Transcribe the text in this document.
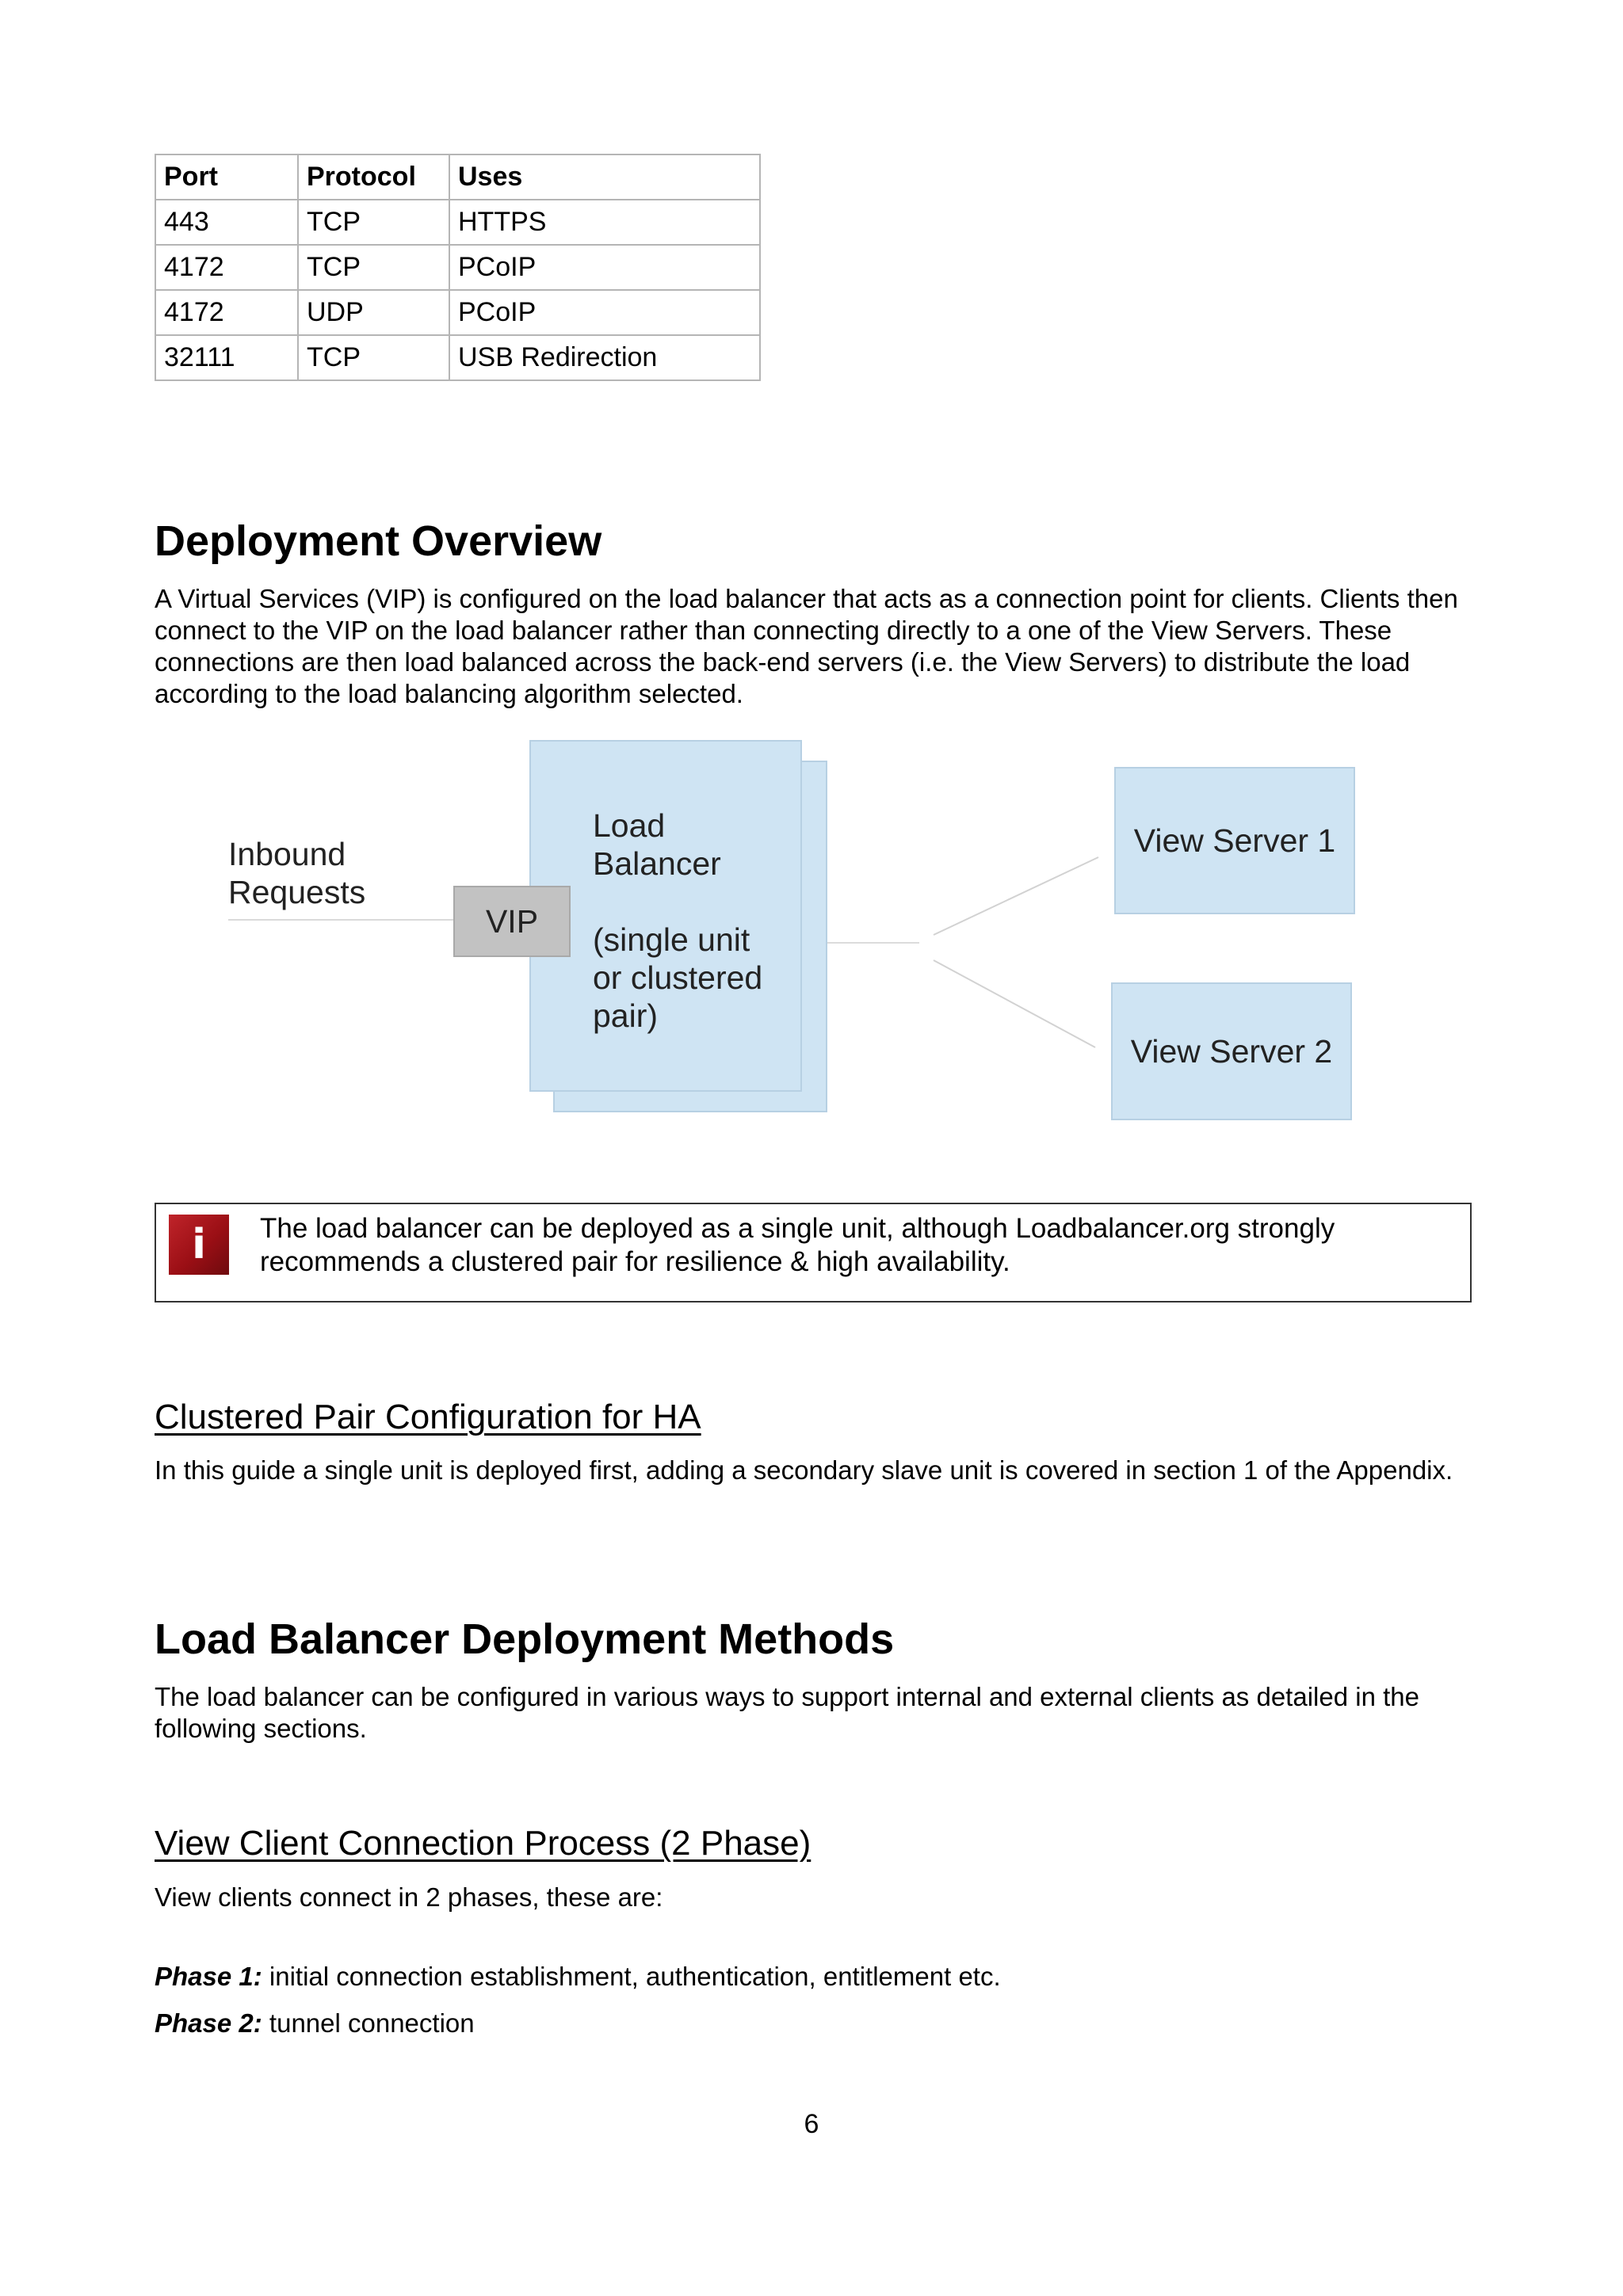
Port	Protocol	Uses
443	TCP	HTTPS
4172	TCP	PCoIP
4172	UDP	PCoIP
32111	TCP	USB Redirection
Deployment Overview

A Virtual Services (VIP) is configured on the load balancer that acts as a connection point for clients. Clients then connect to the VIP on the load balancer rather than connecting directly to a one of the View Servers. These connections are then load balanced across the back-end servers (i.e. the View Servers) to distribute the load according to the load balancing algorithm selected.

Inbound
Requests
Load
Balancer
(single unit
or clustered
pair)
VIP
View Server 1
View Server 2
i	The load balancer can be deployed as a single unit, although Loadbalancer.org strongly recommends a clustered pair for resilience & high availability.

Clustered Pair Configuration for HA

In this guide a single unit is deployed first, adding a secondary slave unit is covered in section 1 of the Appendix.

Load Balancer Deployment Methods

The load balancer can be configured in various ways to support internal and external clients as detailed in the following sections.

View Client Connection Process (2 Phase)

View clients connect in 2 phases, these are:

Phase 1: initial connection establishment, authentication, entitlement etc.

Phase 2: tunnel connection

6
